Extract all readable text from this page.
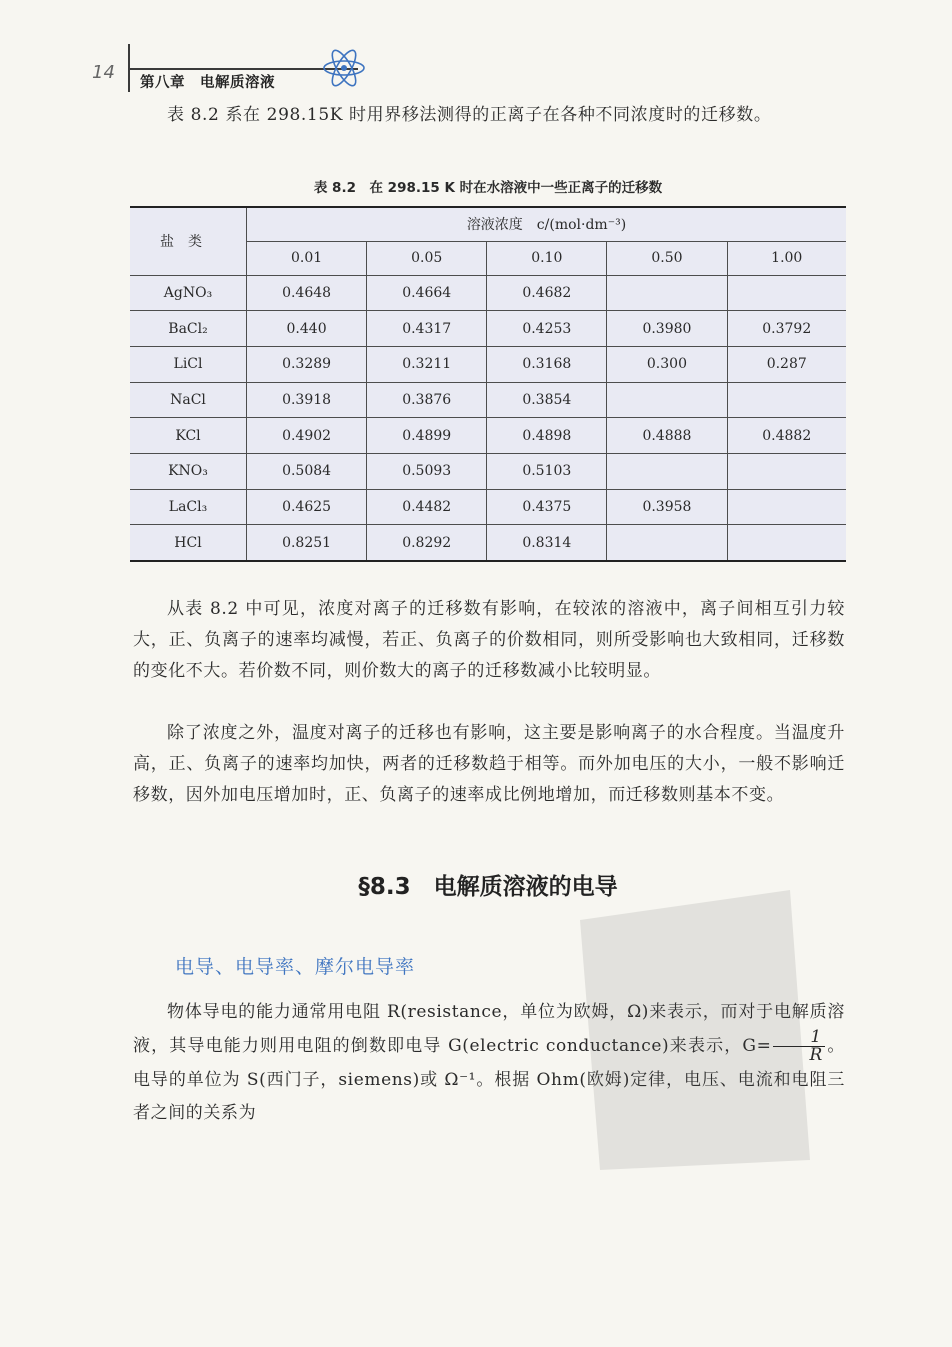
14 第八章　电解质溶液
表 8.2 系在 298.15K 时用界移法测得的正离子在各种不同浓度时的迁移数。
表 8.2　在 298.15 K 时在水溶液中一些正离子的迁移数
盐类	溶液浓度　c/(mol·dm⁻³)				
	0.01	0.05	0.10	0.50	1.00
AgNO₃	0.4648	0.4664	0.4682		
BaCl₂	0.440	0.4317	0.4253	0.3980	0.3792
LiCl	0.3289	0.3211	0.3168	0.300	0.287
NaCl	0.3918	0.3876	0.3854		
KCl	0.4902	0.4899	0.4898	0.4888	0.4882
KNO₃	0.5084	0.5093	0.5103		
LaCl₃	0.4625	0.4482	0.4375	0.3958	
HCl	0.8251	0.8292	0.8314		
从表 8.2 中可见，浓度对离子的迁移数有影响，在较浓的溶液中，离子间相互引力较大，正、负离子的速率均减慢，若正、负离子的价数相同，则所受影响也大致相同，迁移数的变化不大。若价数不同，则价数大的离子的迁移数减小比较明显。
除了浓度之外，温度对离子的迁移也有影响，这主要是影响离子的水合程度。当温度升高，正、负离子的速率均加快，两者的迁移数趋于相等。而外加电压的大小，一般不影响迁移数，因外加电压增加时，正、负离子的速率成比例地增加，而迁移数则基本不变。
§8.3　电解质溶液的电导
电导、电导率、摩尔电导率
物体导电的能力通常用电阻 R(resistance，单位为欧姆，Ω)来表示，而对于电解质溶液，其导电能力则用电阻的倒数即电导 G(electric conductance)来表示，$G= \frac{1}{R}$ 。电导的单位为 S(西门子，siemens)或 Ω⁻¹。根据 Ohm(欧姆)定律，电压、电流和电阻三者之间的关系为
